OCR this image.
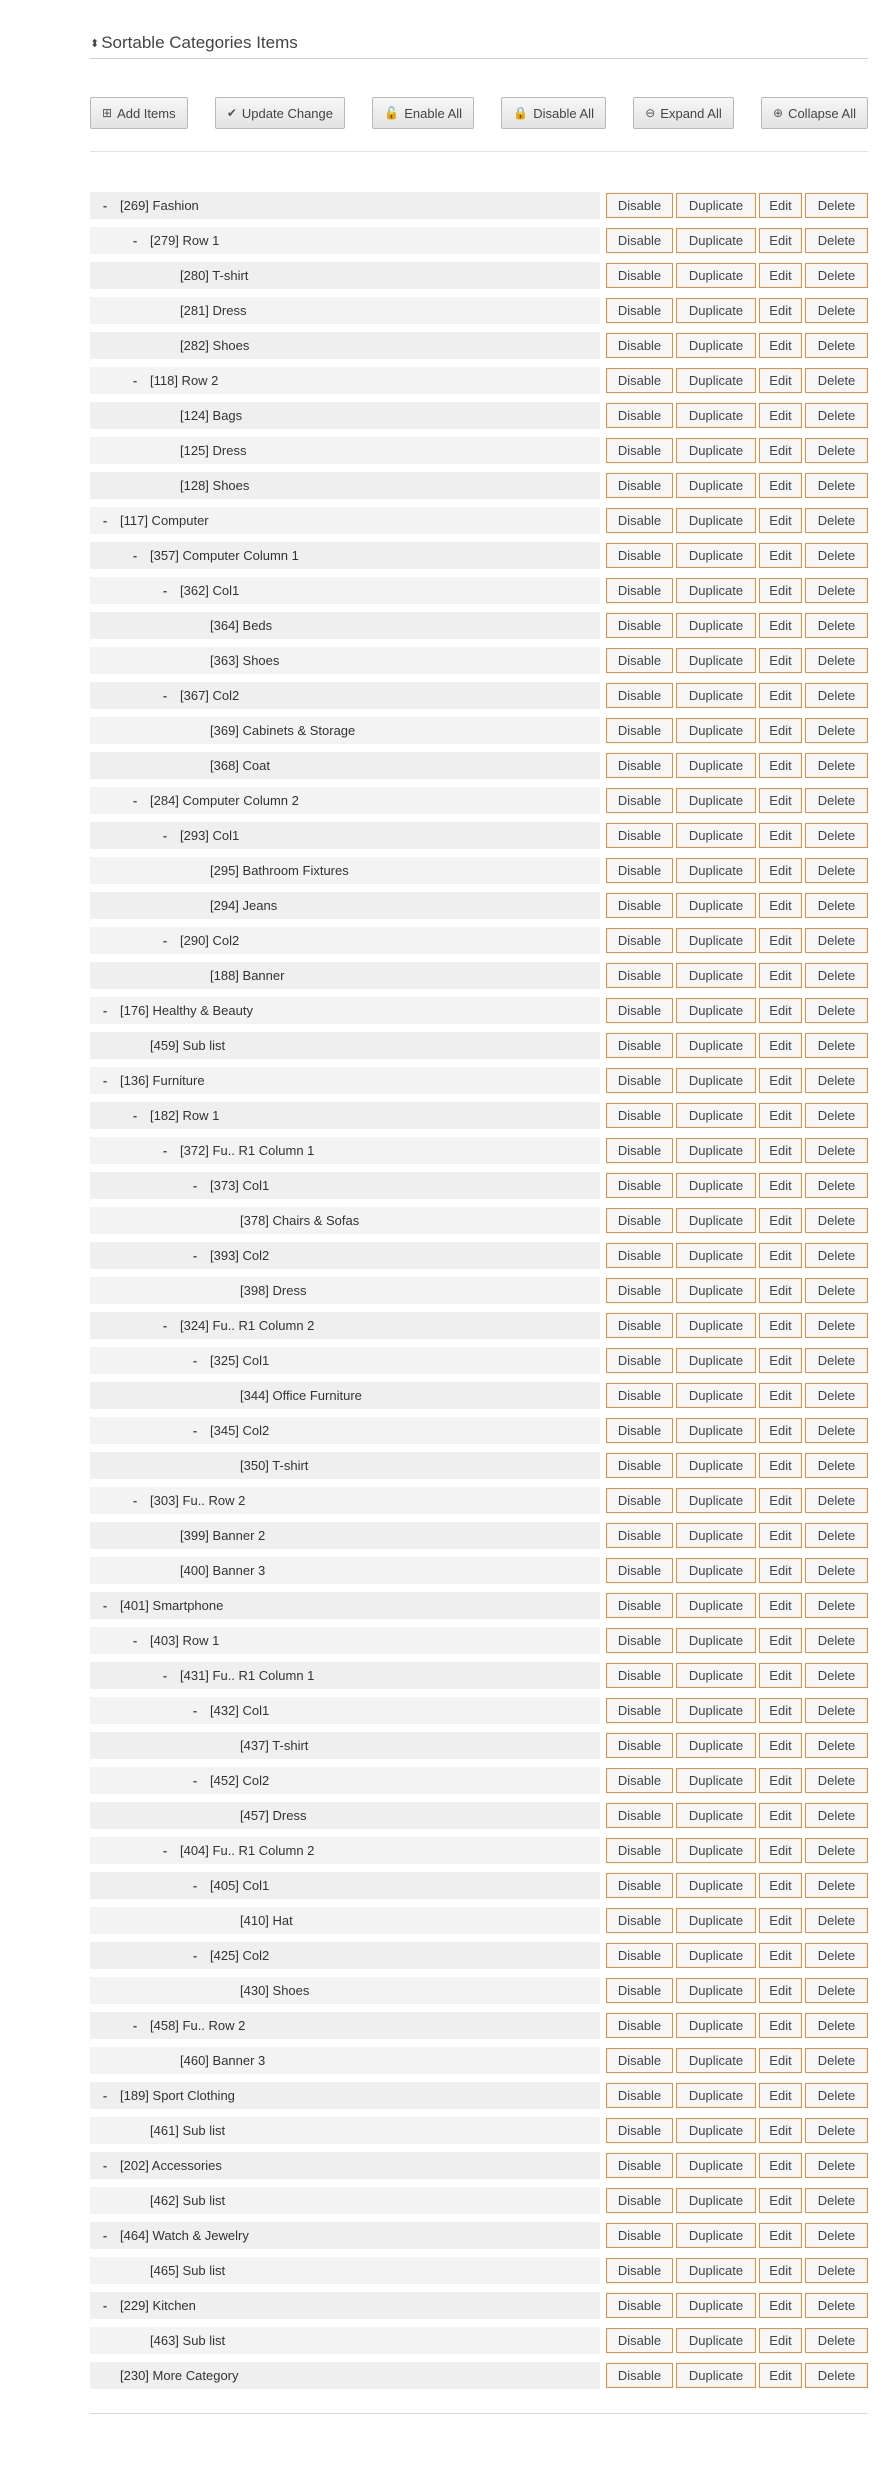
⬍ Sortable Categories Items
⊞ Add Items	✔ Update Change	🔓 Enable All	🔒 Disable All	⊖ Expand All	⊕ Collapse All
- [269] Fashion	Disable	Duplicate	Edit	Delete
- [279] Row 1	Disable	Duplicate	Edit	Delete
[280] T-shirt	Disable	Duplicate	Edit	Delete
[281] Dress	Disable	Duplicate	Edit	Delete
[282] Shoes	Disable	Duplicate	Edit	Delete
- [118] Row 2	Disable	Duplicate	Edit	Delete
[124] Bags	Disable	Duplicate	Edit	Delete
[125] Dress	Disable	Duplicate	Edit	Delete
[128] Shoes	Disable	Duplicate	Edit	Delete
- [117] Computer	Disable	Duplicate	Edit	Delete
- [357] Computer Column 1	Disable	Duplicate	Edit	Delete
- [362] Col1	Disable	Duplicate	Edit	Delete
[364] Beds	Disable	Duplicate	Edit	Delete
[363] Shoes	Disable	Duplicate	Edit	Delete
- [367] Col2	Disable	Duplicate	Edit	Delete
[369] Cabinets & Storage	Disable	Duplicate	Edit	Delete
[368] Coat	Disable	Duplicate	Edit	Delete
- [284] Computer Column 2	Disable	Duplicate	Edit	Delete
- [293] Col1	Disable	Duplicate	Edit	Delete
[295] Bathroom Fixtures	Disable	Duplicate	Edit	Delete
[294] Jeans	Disable	Duplicate	Edit	Delete
- [290] Col2	Disable	Duplicate	Edit	Delete
[188] Banner	Disable	Duplicate	Edit	Delete
- [176] Healthy & Beauty	Disable	Duplicate	Edit	Delete
[459] Sub list	Disable	Duplicate	Edit	Delete
- [136] Furniture	Disable	Duplicate	Edit	Delete
- [182] Row 1	Disable	Duplicate	Edit	Delete
- [372] Fu.. R1 Column 1	Disable	Duplicate	Edit	Delete
- [373] Col1	Disable	Duplicate	Edit	Delete
[378] Chairs & Sofas	Disable	Duplicate	Edit	Delete
- [393] Col2	Disable	Duplicate	Edit	Delete
[398] Dress	Disable	Duplicate	Edit	Delete
- [324] Fu.. R1 Column 2	Disable	Duplicate	Edit	Delete
- [325] Col1	Disable	Duplicate	Edit	Delete
[344] Office Furniture	Disable	Duplicate	Edit	Delete
- [345] Col2	Disable	Duplicate	Edit	Delete
[350] T-shirt	Disable	Duplicate	Edit	Delete
- [303] Fu.. Row 2	Disable	Duplicate	Edit	Delete
[399] Banner 2	Disable	Duplicate	Edit	Delete
[400] Banner 3	Disable	Duplicate	Edit	Delete
- [401] Smartphone	Disable	Duplicate	Edit	Delete
- [403] Row 1	Disable	Duplicate	Edit	Delete
- [431] Fu.. R1 Column 1	Disable	Duplicate	Edit	Delete
- [432] Col1	Disable	Duplicate	Edit	Delete
[437] T-shirt	Disable	Duplicate	Edit	Delete
- [452] Col2	Disable	Duplicate	Edit	Delete
[457] Dress	Disable	Duplicate	Edit	Delete
- [404] Fu.. R1 Column 2	Disable	Duplicate	Edit	Delete
- [405] Col1	Disable	Duplicate	Edit	Delete
[410] Hat	Disable	Duplicate	Edit	Delete
- [425] Col2	Disable	Duplicate	Edit	Delete
[430] Shoes	Disable	Duplicate	Edit	Delete
- [458] Fu.. Row 2	Disable	Duplicate	Edit	Delete
[460] Banner 3	Disable	Duplicate	Edit	Delete
- [189] Sport Clothing	Disable	Duplicate	Edit	Delete
[461] Sub list	Disable	Duplicate	Edit	Delete
- [202] Accessories	Disable	Duplicate	Edit	Delete
[462] Sub list	Disable	Duplicate	Edit	Delete
- [464] Watch & Jewelry	Disable	Duplicate	Edit	Delete
[465] Sub list	Disable	Duplicate	Edit	Delete
- [229] Kitchen	Disable	Duplicate	Edit	Delete
[463] Sub list	Disable	Duplicate	Edit	Delete
[230] More Category	Disable	Duplicate	Edit	Delete
